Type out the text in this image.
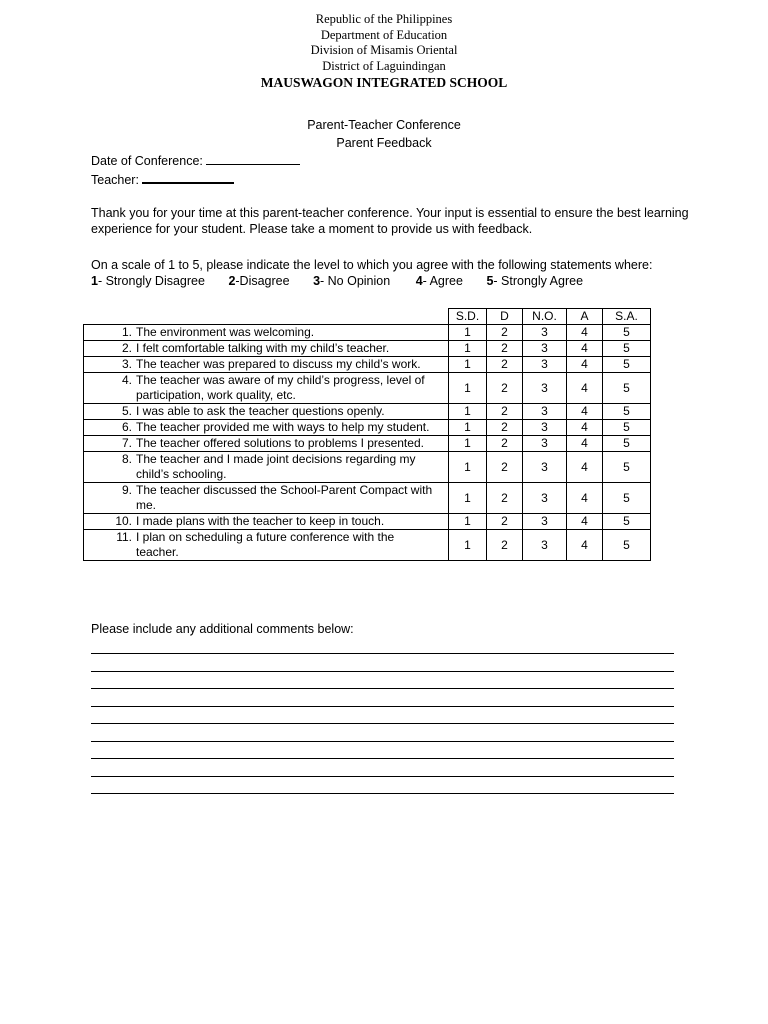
Republic of the Philippines
Department of Education
Division of Misamis Oriental
District of Laguindingan
MAUSWAGON INTEGRATED SCHOOL
Parent-Teacher Conference
Parent Feedback
Date of Conference:
Teacher:
Thank you for your time at this parent-teacher conference. Your input is essential to ensure the best learning experience for your student. Please take a moment to provide us with feedback.
On a scale of 1 to 5, please indicate the level to which you agree with the following statements where:
1- Strongly Disagree 2-Disagree 3- No Opinion 4- Agree 5- Strongly Agree
	S.D.	D	N.O.	A	S.A.
1. The environment was welcoming.	1	2	3	4	5
2. I felt comfortable talking with my child’s teacher.	1	2	3	4	5
3. The teacher was prepared to discuss my child’s work.	1	2	3	4	5
4. The teacher was aware of my child’s progress, level of participation, work quality, etc.	1	2	3	4	5
5. I was able to ask the teacher questions openly.	1	2	3	4	5
6. The teacher provided me with ways to help my student.	1	2	3	4	5
7. The teacher offered solutions to problems I presented.	1	2	3	4	5
8. The teacher and I made joint decisions regarding my child’s schooling.	1	2	3	4	5
9. The teacher discussed the School-Parent Compact with me.	1	2	3	4	5
10. I made plans with the teacher to keep in touch.	1	2	3	4	5
11. I plan on scheduling a future conference with the teacher.	1	2	3	4	5
Please include any additional comments below:
